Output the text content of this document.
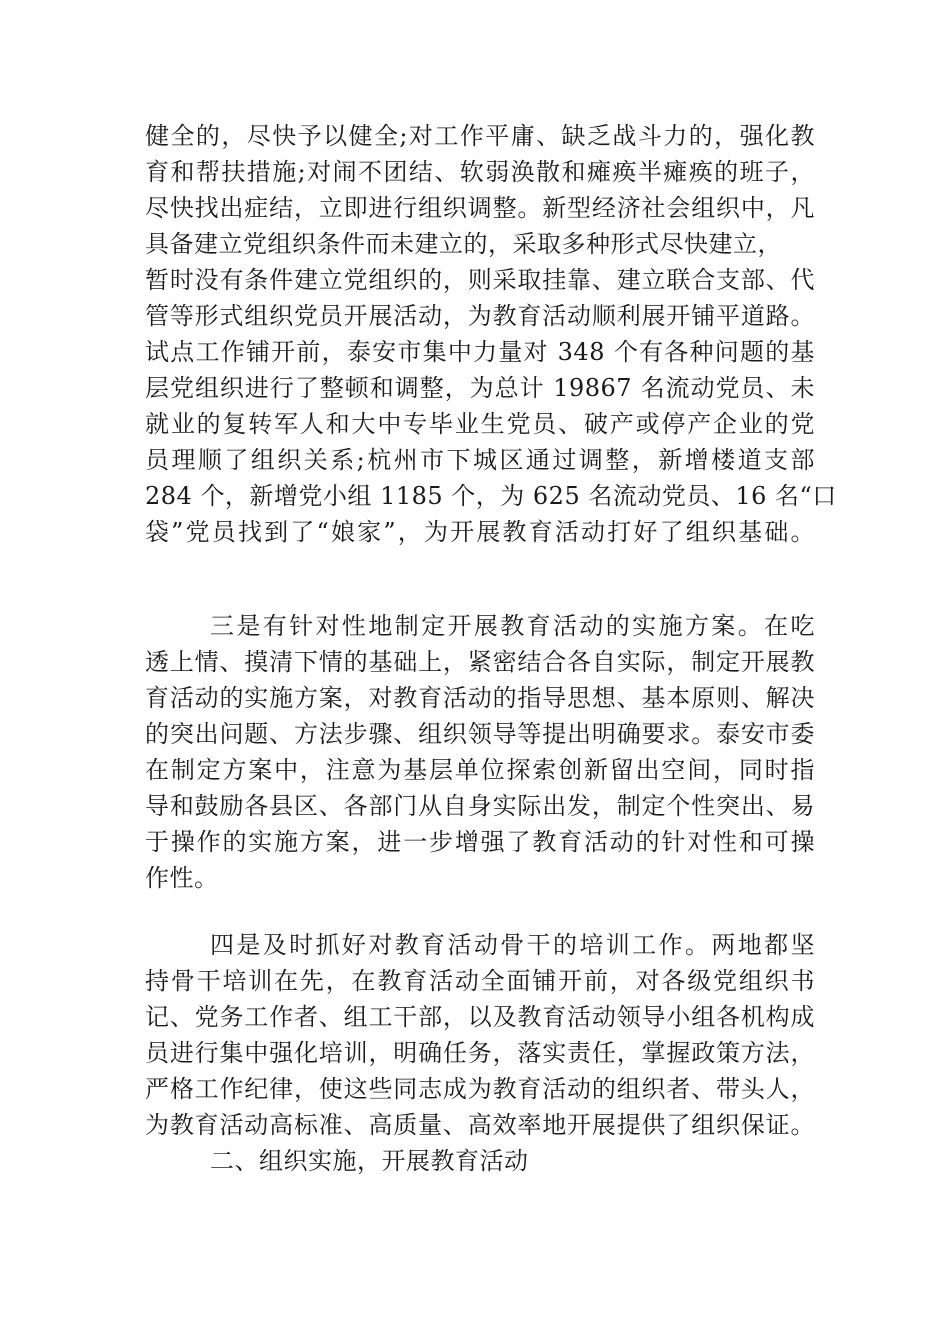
健全的，尽快予以健全;对工作平庸、缺乏战斗力的，强化教
育和帮扶措施;对闹不团结、软弱涣散和瘫痪半瘫痪的班子，
尽快找出症结，立即进行组织调整。新型经济社会组织中，凡
具备建立党组织条件而未建立的，采取多种形式尽快建立，
暂时没有条件建立党组织的，则采取挂靠、建立联合支部、代
管等形式组织党员开展活动，为教育活动顺利展开铺平道路。
试点工作铺开前，泰安市集中力量对 348 个有各种问题的基
层党组织进行了整顿和调整，为总计 19867 名流动党员、未
就业的复转军人和大中专毕业生党员、破产或停产企业的党
员理顺了组织关系;杭州市下城区通过调整，新增楼道支部
284 个，新增党小组 1185 个，为 625 名流动党员、16 名“口
袋”党员找到了“娘家”，为开展教育活动打好了组织基础。
三是有针对性地制定开展教育活动的实施方案。在吃
透上情、摸清下情的基础上，紧密结合各自实际，制定开展教
育活动的实施方案，对教育活动的指导思想、基本原则、解决
的突出问题、方法步骤、组织领导等提出明确要求。泰安市委
在制定方案中，注意为基层单位探索创新留出空间，同时指
导和鼓励各县区、各部门从自身实际出发，制定个性突出、易
于操作的实施方案，进一步增强了教育活动的针对性和可操
作性。
四是及时抓好对教育活动骨干的培训工作。两地都坚
持骨干培训在先，在教育活动全面铺开前，对各级党组织书
记、党务工作者、组工干部，以及教育活动领导小组各机构成
员进行集中强化培训，明确任务，落实责任，掌握政策方法，
严格工作纪律，使这些同志成为教育活动的组织者、带头人，
为教育活动高标准、高质量、高效率地开展提供了组织保证。
二、组织实施，开展教育活动
